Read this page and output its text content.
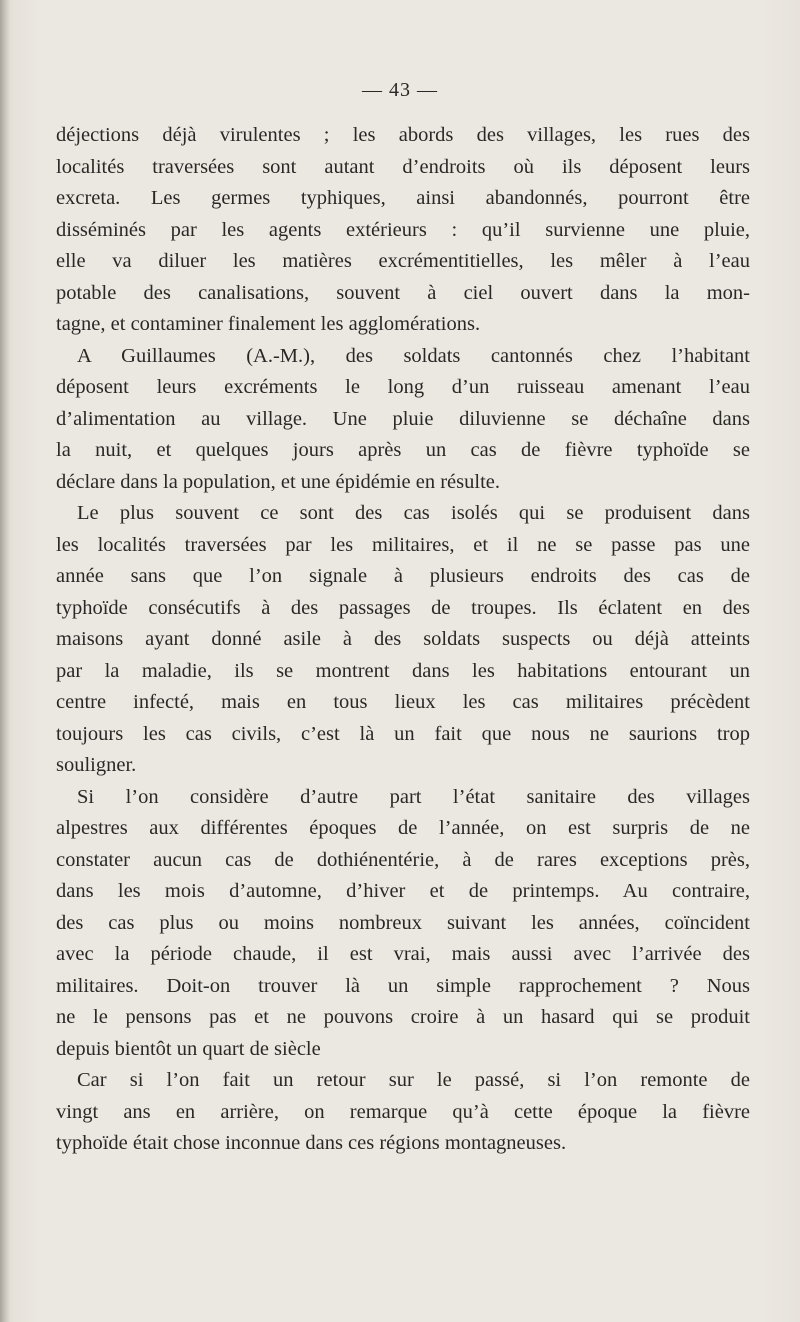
— 43 —
déjections déjà virulentes ; les abords des villages, les rues des
localités traversées sont autant d’endroits où ils déposent leurs
excreta. Les germes typhiques, ainsi abandonnés, pourront être
disséminés par les agents extérieurs : qu’il survienne une pluie,
elle va diluer les matières excrémentitielles, les mêler à l’eau
potable des canalisations, souvent à ciel ouvert dans la mon-
tagne, et contaminer finalement les agglomérations.
A Guillaumes (A.-M.), des soldats cantonnés chez l’habitant
déposent leurs excréments le long d’un ruisseau amenant l’eau
d’alimentation au village. Une pluie diluvienne se déchaîne dans
la nuit, et quelques jours après un cas de fièvre typhoïde se
déclare dans la population, et une épidémie en résulte.
Le plus souvent ce sont des cas isolés qui se produisent dans
les localités traversées par les militaires, et il ne se passe pas une
année sans que l’on signale à plusieurs endroits des cas de
typhoïde consécutifs à des passages de troupes. Ils éclatent en des
maisons ayant donné asile à des soldats suspects ou déjà atteints
par la maladie, ils se montrent dans les habitations entourant un
centre infecté, mais en tous lieux les cas militaires précèdent
toujours les cas civils, c’est là un fait que nous ne saurions trop
souligner.
Si l’on considère d’autre part l’état sanitaire des villages
alpestres aux différentes époques de l’année, on est surpris de ne
constater aucun cas de dothiénentérie, à de rares exceptions près,
dans les mois d’automne, d’hiver et de printemps. Au contraire,
des cas plus ou moins nombreux suivant les années, coïncident
avec la période chaude, il est vrai, mais aussi avec l’arrivée des
militaires. Doit-on trouver là un simple rapprochement ? Nous
ne le pensons pas et ne pouvons croire à un hasard qui se produit
depuis bientôt un quart de siècle
Car si l’on fait un retour sur le passé, si l’on remonte de
vingt ans en arrière, on remarque qu’à cette époque la fièvre
typhoïde était chose inconnue dans ces régions montagneuses.
